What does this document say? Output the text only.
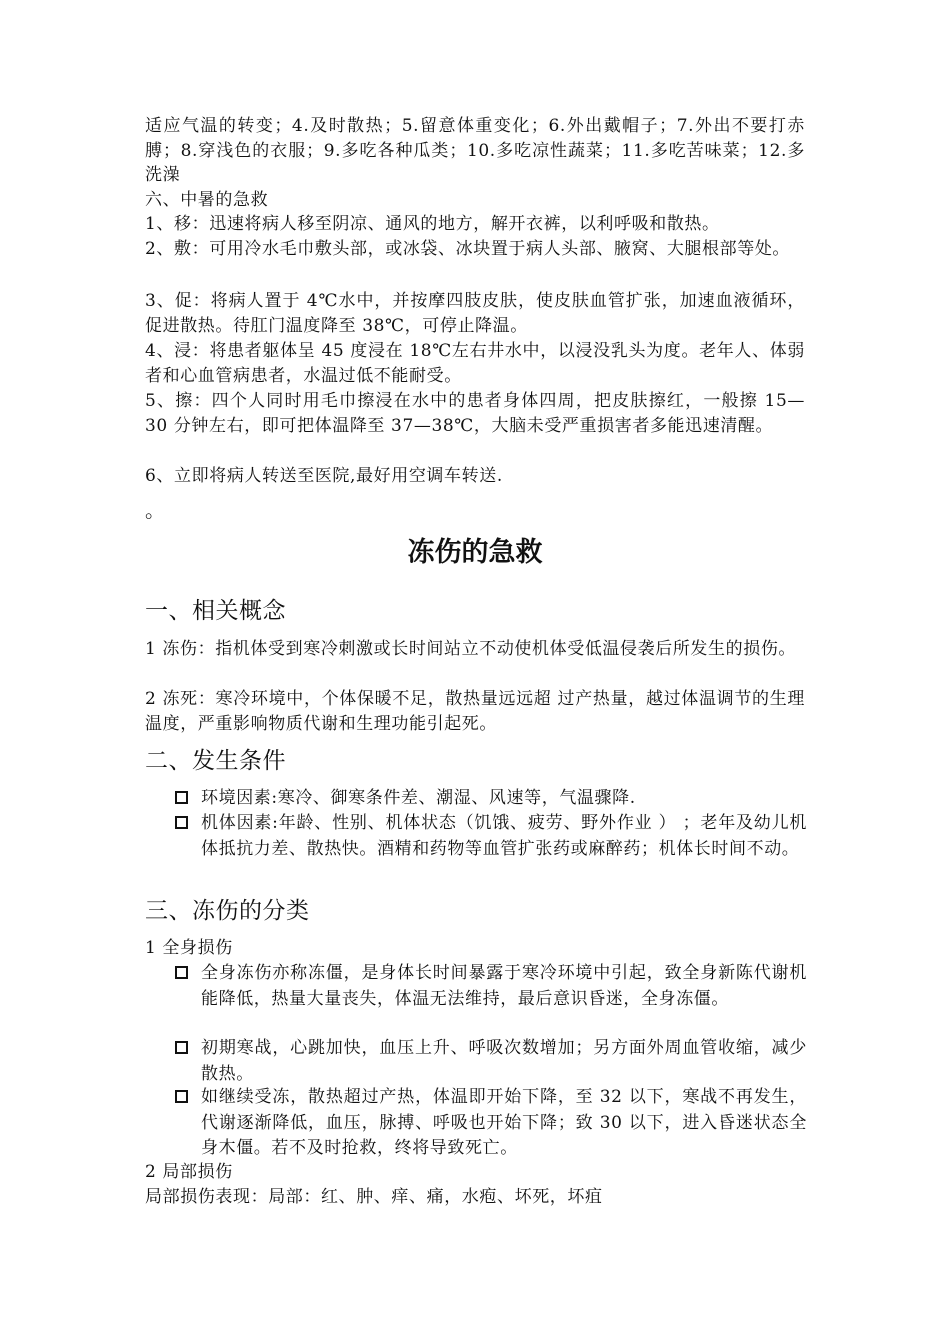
适应气温的转变；4.及时散热；5.留意体重变化；6.外出戴帽子；7.外出不要打赤膊；8.穿浅色的衣服；9.多吃各种瓜类；10.多吃凉性蔬菜；11.多吃苦味菜；12.多洗澡

六、中暑的急救

1、移：迅速将病人移至阴凉、通风的地方，解开衣裤，以利呼吸和散热。

2、敷：可用冷水毛巾敷头部，或冰袋、冰块置于病人头部、腋窝、大腿根部等处。

3、促：将病人置于 4℃水中，并按摩四肢皮肤，使皮肤血管扩张，加速血液循环，促进散热。待肛门温度降至 38℃，可停止降温。

4、浸：将患者躯体呈 45 度浸在 18℃左右井水中，以浸没乳头为度。老年人、体弱者和心血管病患者，水温过低不能耐受。

5、擦：四个人同时用毛巾擦浸在水中的患者身体四周，把皮肤擦红，一般擦 15—30 分钟左右，即可把体温降至 37—38℃，大脑未受严重损害者多能迅速清醒。

6、立即将病人转送至医院,最好用空调车转送.

。
冻伤的急救
一、相关概念

1 冻伤：指机体受到寒冷刺激或长时间站立不动使机体受低温侵袭后所发生的损伤。

2 冻死：寒冷环境中，个体保暖不足，散热量远远超 过产热量，越过体温调节的生理温度，严重影响物质代谢和生理功能引起死。

二、发生条件
环境因素:寒冷、御寒条件差、潮湿、风速等，气温骤降.
机体因素:年龄、性别、机体状态（饥饿、疲劳、野外作业 ） ；老年及幼儿机体抵抗力差、散热快。酒精和药物等血管扩张药或麻醉药；机体长时间不动。
三、冻伤的分类

1 全身损伤

全身冻伤亦称冻僵，是身体长时间暴露于寒冷环境中引起，致全身新陈代谢机能降低，热量大量丧失，体温无法维持，最后意识昏迷，全身冻僵。
初期寒战，心跳加快，血压上升、呼吸次数增加；另方面外周血管收缩，减少散热。
如继续受冻，散热超过产热，体温即开始下降，至 32 以下，寒战不再发生，代谢逐渐降低，血压，脉搏、呼吸也开始下降；致 30 以下，进入昏迷状态全身木僵。若不及时抢救，终将导致死亡。

2 局部损伤

局部损伤表现：局部：红、肿、痒、痛，水疱、坏死，坏疽
